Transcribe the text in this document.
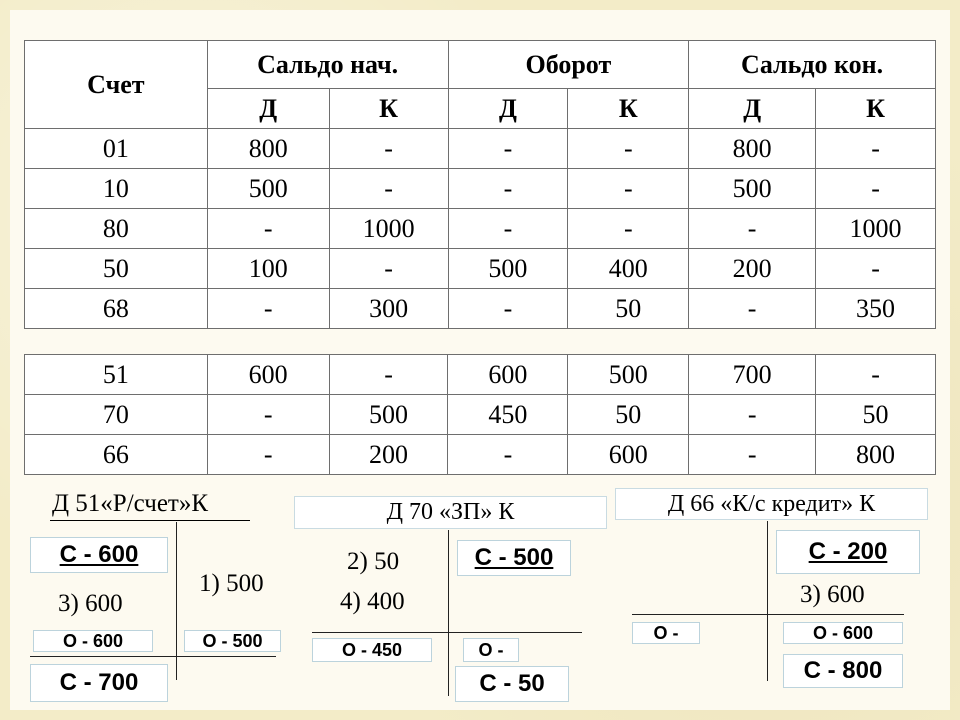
Счет	Сальдо нач.		Оборот		Сальдо кон.	
	Д	К	Д	К	Д	К
01	800	-	-	-	800	-
10	500	-	-	-	500	-
80	-	1000	-	-	-	1000
50	100	-	500	400	200	-
68	-	300	-	50	-	350
51	600	-	600	500	700	-
70	-	500	450	50	-	50
66	-	200	-	600	-	800
Д 51«Р/счет»К
С - 600
3) 600
1) 500
О - 600	О - 500
С - 700
Д 70 «ЗП» К
С - 500
2) 50
4) 400
О - 450	О -
С - 50
Д 66 «К/с кредит» К
С - 200
3) 600
О -	О - 600
С - 800
